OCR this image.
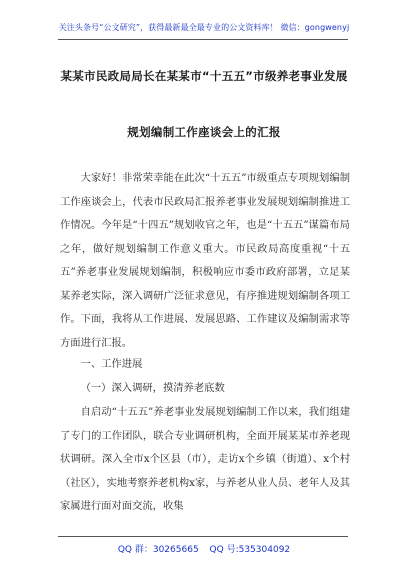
关注头条号“公文研究”，获得最新最全最专业的公文资料库！ 微信：gongwenyj
某某市民政局局长在某某市“十五五”市级养老事业发展
规划编制工作座谈会上的汇报

大家好！非常荣幸能在此次“十五五”市级重点专项规划编制工作座谈会上，代表市民政局汇报养老事业发展规划编制推进工作情况。今年是“十四五”规划收官之年，也是“十五五”谋篇布局之年，做好规划编制工作意义重大。市民政局高度重视“十五五”养老事业发展规划编制，积极响应市委市政府部署，立足某某养老实际，深入调研广泛征求意见，有序推进规划编制各项工作。下面，我将从工作进展、发展思路、工作建议及编制需求等方面进行汇报。

一、工作进展

（一）深入调研，摸清养老底数

自启动“十五五”养老事业发展规划编制工作以来，我们组建了专门的工作团队，联合专业调研机构，全面开展某某市养老现状调研。深入全市x个区县（市），走访x个乡镇（街道）、x个村（社区），实地考察养老机构x家，与养老从业人员、老年人及其家属进行面对面交流，收集

QQ 群：30265665 QQ 号:535304092
